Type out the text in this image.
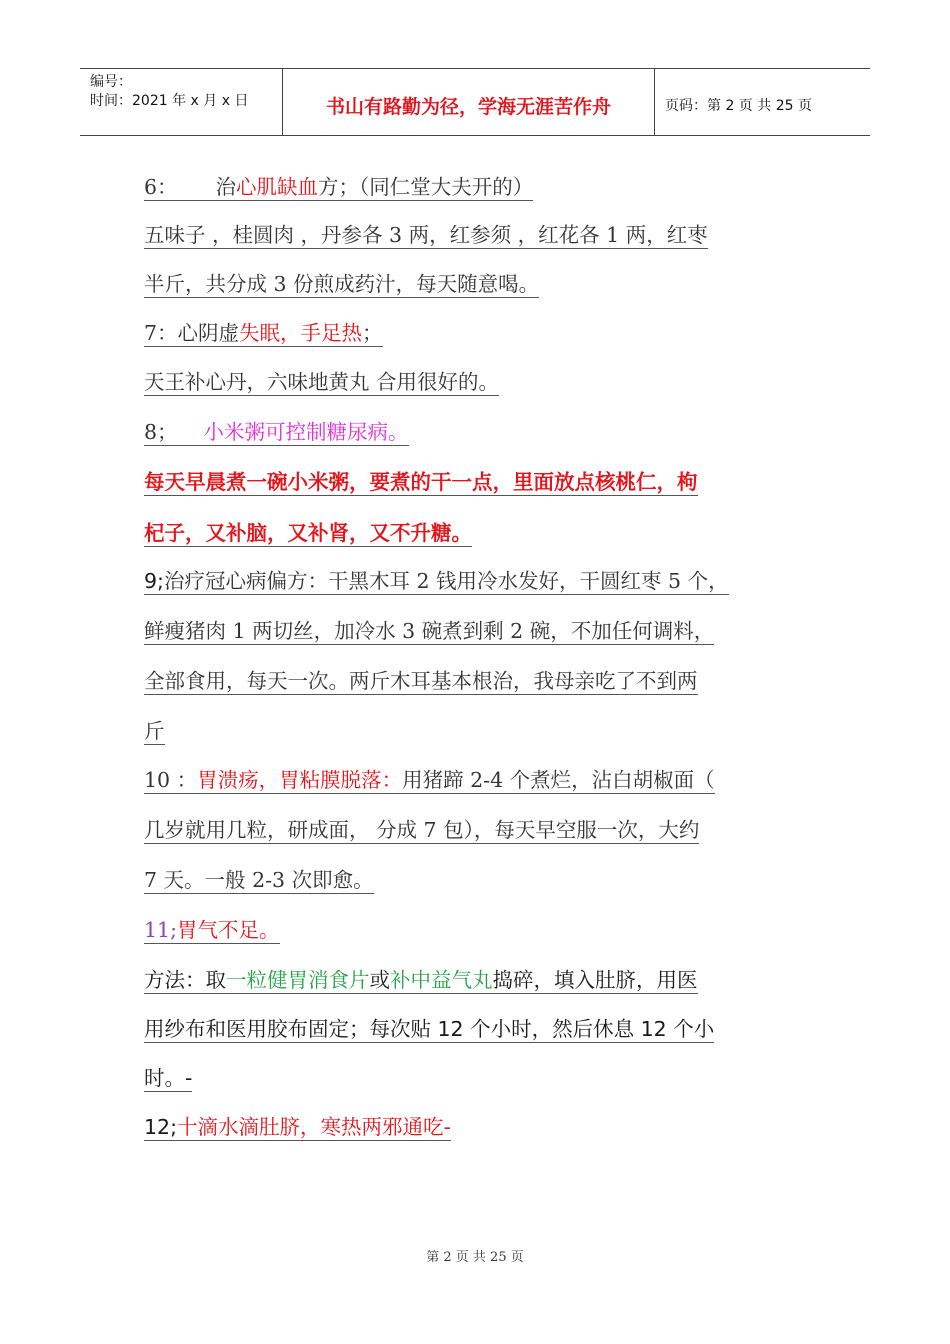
编号：
时间：2021 年 x 月 x 日	书山有路勤为径，学海无涯苦作舟	页码：第 2 页 共 25 页
6： 治心肌缺血方；（同仁堂大夫开的）
五味子 ，桂圆肉 ，丹参各 3 两，红参须 ，红花各 1 两，红枣
半斤，共分成 3 份煎成药汁，每天随意喝。
7：心阴虚失眠，手足热；
天王补心丹，六味地黄丸 合用很好的。
8； 小米粥可控制糖尿病。
每天早晨煮一碗小米粥，要煮的干一点，里面放点核桃仁，枸
杞子，又补脑，又补肾，又不升糖。
9;治疗冠心病偏方：干黑木耳 2 钱用冷水发好，干圆红枣 5 个，
鲜瘦猪肉 1 两切丝，加冷水 3 碗煮到剩 2 碗，不加任何调料，
全部食用，每天一次。两斤木耳基本根治，我母亲吃了不到两
斤
10 ：胃溃疡，胃粘膜脱落：用猪蹄 2-4 个煮烂，沾白胡椒面（
几岁就用几粒，研成面， 分成 7 包），每天早空服一次，大约
7 天。一般 2-3 次即愈。
11;胃气不足。
方法：取一粒健胃消食片或补中益气丸捣碎，填入肚脐，用医
用纱布和医用胶布固定；每次贴 12 个小时，然后休息 12 个小
时。-
12;十滴水滴肚脐，寒热两邪通吃-
第 2 页 共 25 页
